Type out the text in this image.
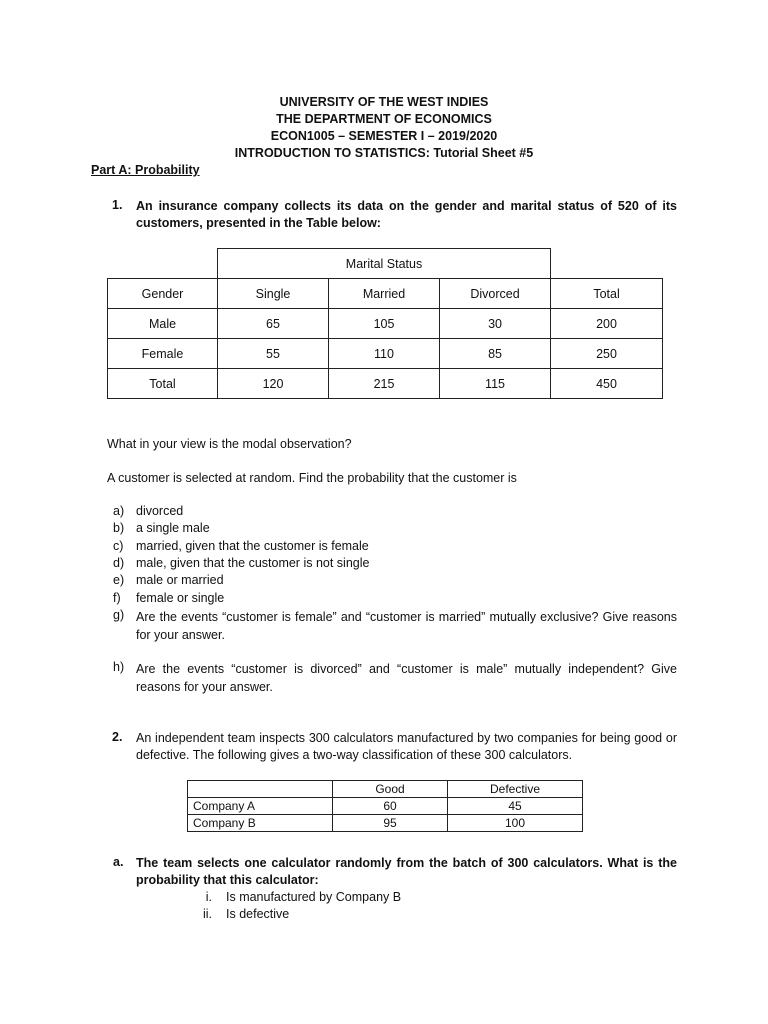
UNIVERSITY OF THE WEST INDIES
THE DEPARTMENT OF ECONOMICS
ECON1005 – SEMESTER I – 2019/2020
INTRODUCTION TO STATISTICS: Tutorial Sheet #5
Part A: Probability
1. An insurance company collects its data on the gender and marital status of 520 of its customers, presented in the Table below:
	Marital Status			
Gender	Single	Married	Divorced	Total
Male	65	105	30	200
Female	55	110	85	250
Total	120	215	115	450
What in your view is the modal observation?
A customer is selected at random. Find the probability that the customer is
a) divorced
b) a single male
c) married, given that the customer is female
d) male, given that the customer is not single
e) male or married
f) female or single
g) Are the events “customer is female” and “customer is married” mutually exclusive? Give reasons for your answer.
h) Are the events “customer is divorced” and “customer is male” mutually independent? Give reasons for your answer.
2. An independent team inspects 300 calculators manufactured by two companies for being good or defective. The following gives a two-way classification of these 300 calculators.
	Good	Defective
Company A	60	45
Company B	95	100
a. The team selects one calculator randomly from the batch of 300 calculators. What is the probability that this calculator:
i. Is manufactured by Company B
ii. Is defective
